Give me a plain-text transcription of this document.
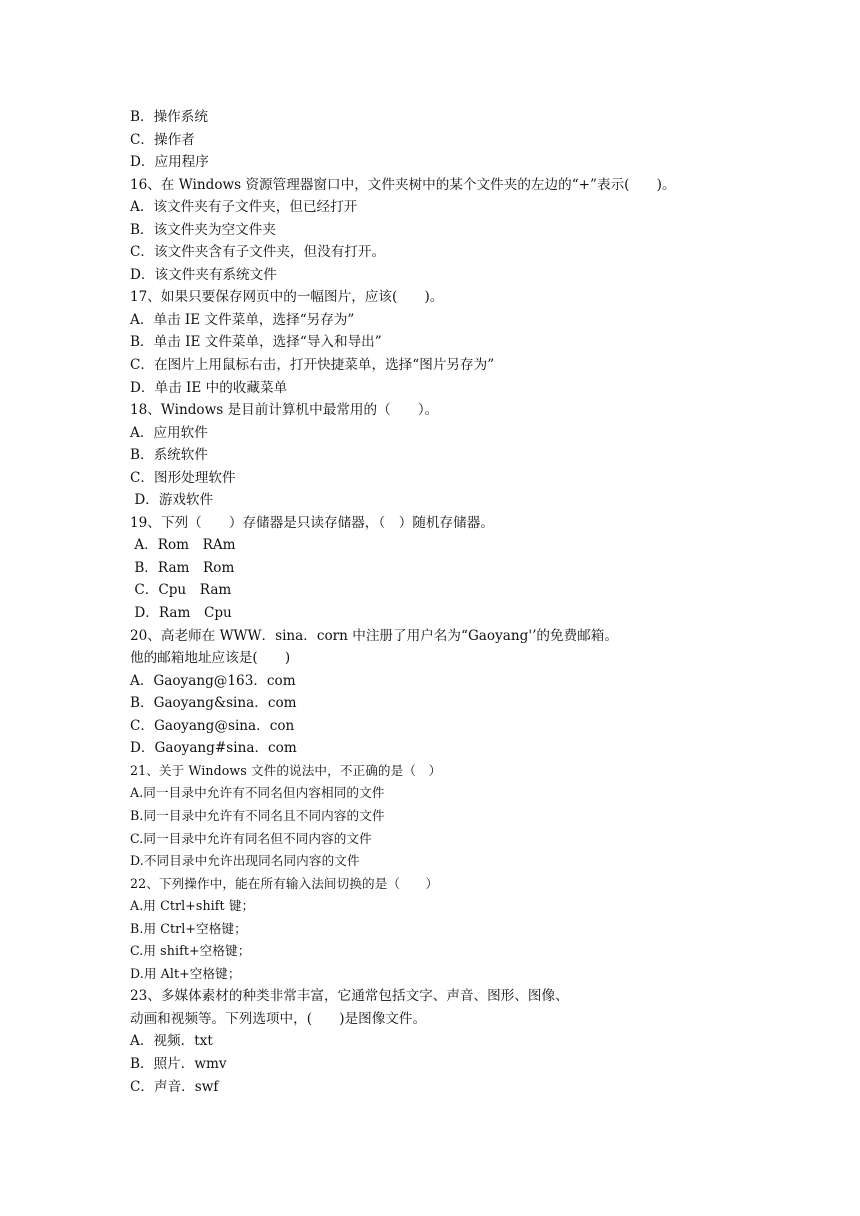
B．操作系统
C．操作者
D．应用程序
16、在 Windows 资源管理器窗口中，文件夹树中的某个文件夹的左边的“+”表示(　　)。
A．该文件夹有子文件夹，但已经打开
B．该文件夹为空文件夹
C．该文件夹含有子文件夹，但没有打开。
D．该文件夹有系统文件
17、如果只要保存网页中的一幅图片，应该(　　)。
A．单击 IE 文件菜单，选择“另存为”
B．单击 IE 文件菜单，选择“导入和导出”
C．在图片上用鼠标右击，打开快捷菜单，选择“图片另存为”
D．单击 IE 中的收藏菜单
18、Windows 是目前计算机中最常用的（　　）。
A．应用软件
B．系统软件
C．图形处理软件
D．游戏软件
19、下列（　　）存储器是只读存储器，（　）随机存储器。
A．Rom　RAm
B．Ram　Rom
C．Cpu　Ram
D．Ram　Cpu
20、高老师在 WWW．sina．corn 中注册了用户名为“Gaoyang'’的免费邮箱。
他的邮箱地址应该是(　　)
A．Gaoyang@163．com
B．Gaoyang&sina．com
C．Gaoyang@sina．con
D．Gaoyang#sina．com
21、关于 Windows 文件的说法中，不正确的是（　）
A.同一目录中允许有不同名但内容相同的文件
B.同一目录中允许有不同名且不同内容的文件
C.同一目录中允许有同名但不同内容的文件
D.不同目录中允许出现同名同内容的文件
22、下列操作中，能在所有输入法间切换的是（　　）
A.用 Ctrl+shift 键；
B.用 Ctrl+空格键；
C.用 shift+空格键；
D.用 Alt+空格键；
23、多媒体素材的种类非常丰富，它通常包括文字、声音、图形、图像、
动画和视频等。下列选项中，(　　)是图像文件。
A．视频．txt
B．照片．wmv
C．声音．swf
